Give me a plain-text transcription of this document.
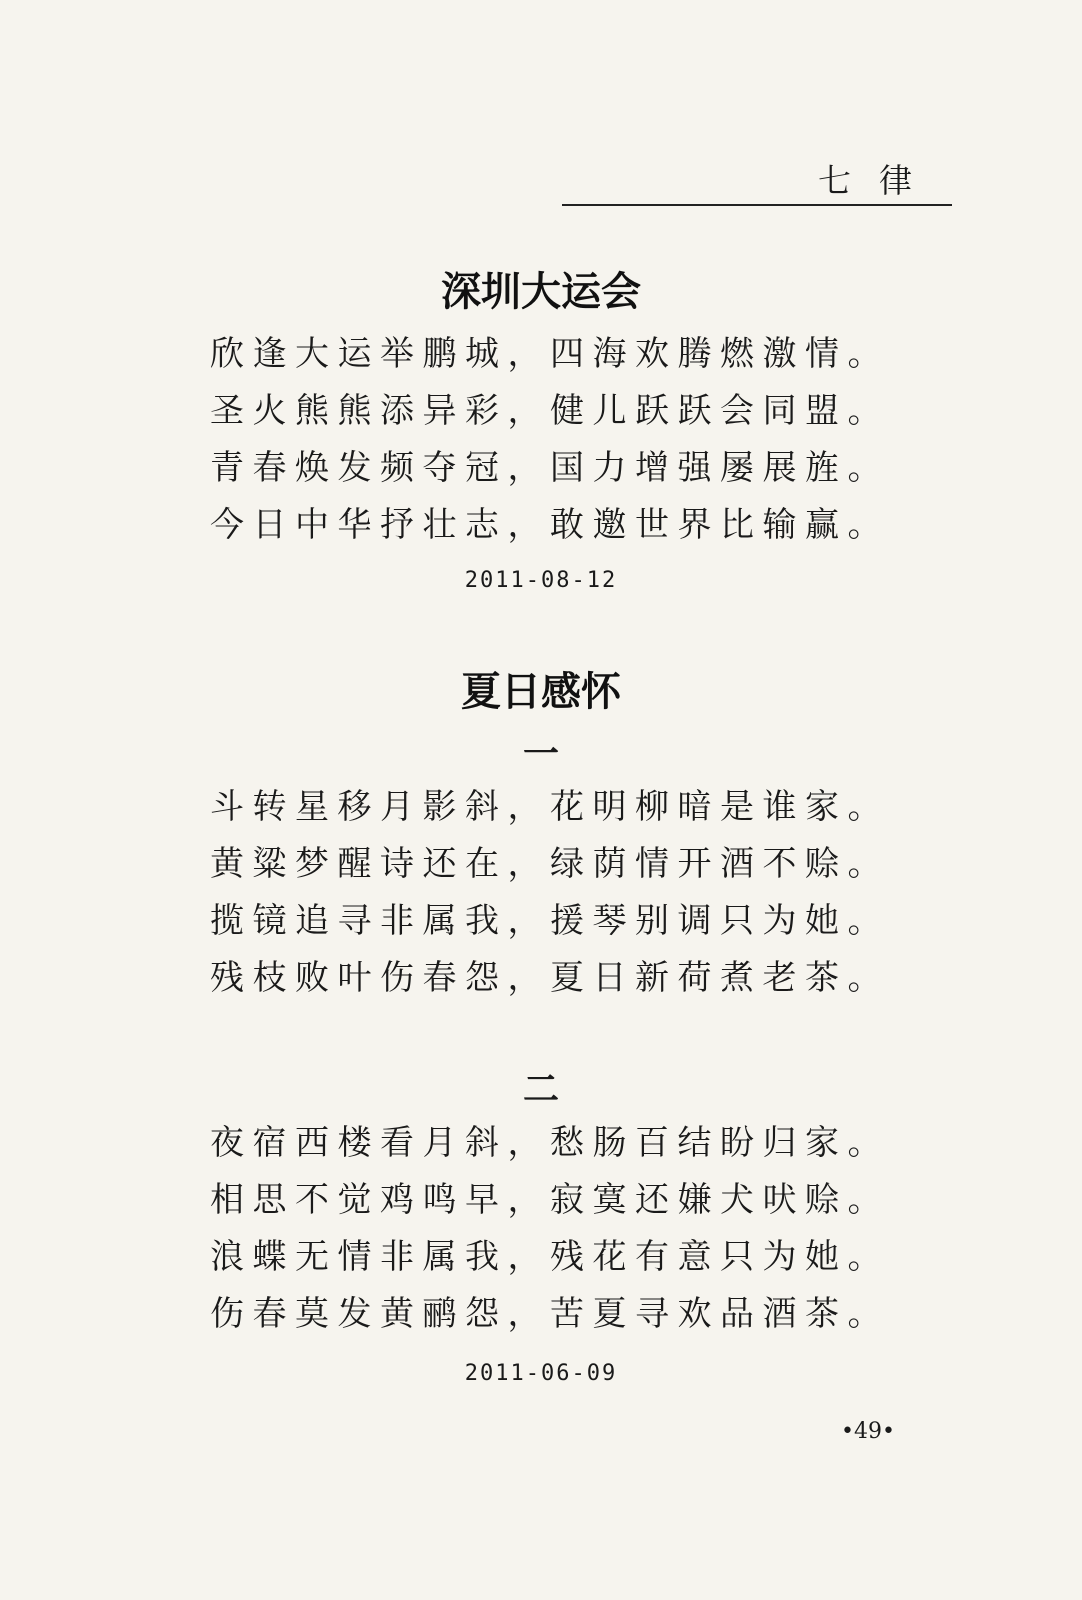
七律
深圳大运会
欣逢大运举鹏城，四海欢腾燃激情。
圣火熊熊添异彩，健儿跃跃会同盟。
青春焕发频夺冠，国力增强屡展旌。
今日中华抒壮志，敢邀世界比输赢。
2011-08-12
夏日感怀
一
斗转星移月影斜，花明柳暗是谁家。
黄粱梦醒诗还在，绿荫情开酒不赊。
揽镜追寻非属我，援琴别调只为她。
残枝败叶伤春怨，夏日新荷煮老茶。
二
夜宿西楼看月斜，愁肠百结盼归家。
相思不觉鸡鸣早，寂寞还嫌犬吠赊。
浪蝶无情非属我，残花有意只为她。
伤春莫发黄鹂怨，苦夏寻欢品酒茶。
2011-06-09
•49•
